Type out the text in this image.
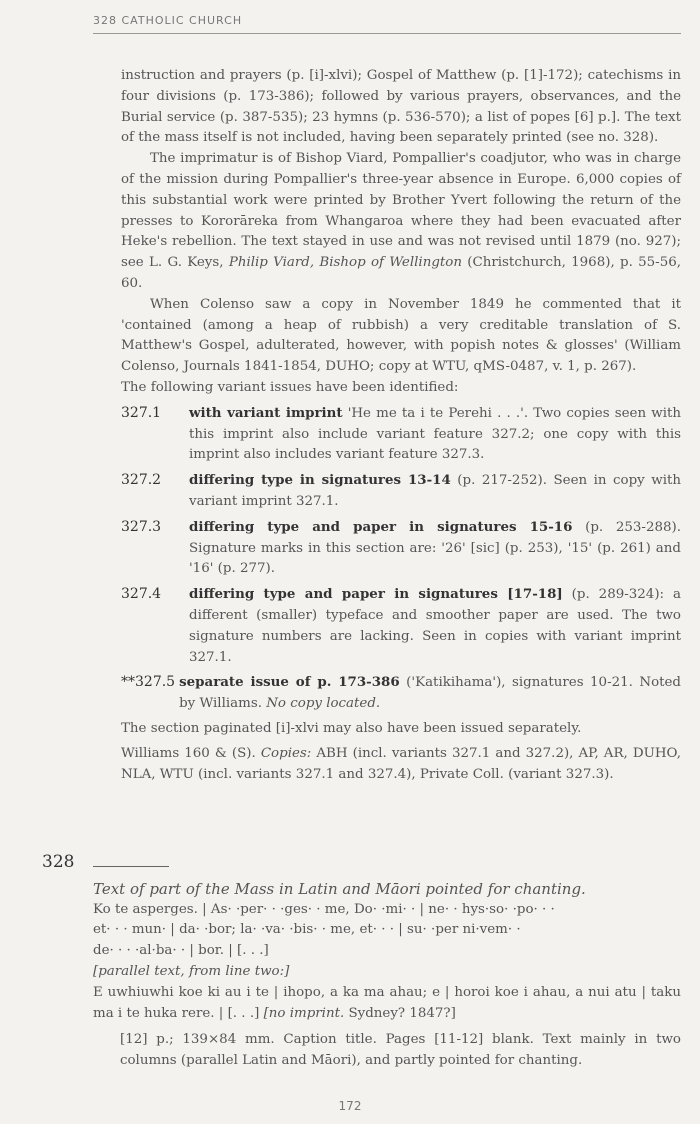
328 CATHOLIC CHURCH

instruction and prayers (p. [i]-xlvi); Gospel of Matthew (p. [1]-172); catechisms in four divisions (p. 173-386); followed by various prayers, observances, and the Burial service (p. 387-535); 23 hymns (p. 536-570); a list of popes [6] p.]. The text of the mass itself is not included, having been separately printed (see no. 328).

The imprimatur is of Bishop Viard, Pompallier's coadjutor, who was in charge of the mission during Pompallier's three-year absence in Europe. 6,000 copies of this substantial work were printed by Brother Yvert following the return of the presses to Kororāreka from Whangaroa where they had been evacuated after Heke's rebellion. The text stayed in use and was not revised until 1879 (no. 927); see L. G. Keys, Philip Viard, Bishop of Wellington (Christchurch, 1968), p. 55-56, 60.

When Colenso saw a copy in November 1849 he commented that it 'contained (among a heap of rubbish) a very creditable translation of S. Matthew's Gospel, adulterated, however, with popish notes & glosses' (William Colenso, Journals 1841-1854, DUHO; copy at WTU, qMS-0487, v. 1, p. 267).

The following variant issues have been identified:

327.1	with variant imprint 'He me ta i te Perehi . . .'. Two copies seen with this imprint also include variant feature 327.2; one copy with this imprint also includes variant feature 327.3.
327.2	differing type in signatures 13-14 (p. 217-252). Seen in copy with variant imprint 327.1.
327.3	differing type and paper in signatures 15-16 (p. 253-288). Signature marks in this section are: '26' [sic] (p. 253), '15' (p. 261) and '16' (p. 277).
327.4	differing type and paper in signatures [17-18] (p. 289-324): a different (smaller) typeface and smoother paper are used. The two signature numbers are lacking. Seen in copies with variant imprint 327.1.
**327.5 separate issue of p. 173-386 ('Katikihama'), signatures 10-21. Noted by Williams. No copy located.

The section paginated [i]-xlvi may also have been issued separately.

Williams 160 & (S). Copies: ABH (incl. variants 327.1 and 327.2), AP, AR, DUHO, NLA, WTU (incl. variants 327.1 and 327.4), Private Coll. (variant 327.3).

328

Text of part of the Mass in Latin and Māori pointed for chanting.

Ko te asperges. | As· ·per· · ·ges· · me, Do· ·mi· · | ne· · hys·so· ·po· · ·

et· · · mun· | da· ·bor; la· ·va· ·bis· · me, et· · · | su· ·per ni·vem· ·

de· · · ·al·ba· · | bor. | [. . .]

[parallel text, from line two:]

E uwhiuwhi koe ki au i te | ihopo, a ka ma ahau; e | horoi koe i ahau, a nui atu | taku ma i te huka rere. | [. . .] [no imprint. Sydney? 1847?]

[12] p.; 139×84 mm. Caption title. Pages [11-12] blank. Text mainly in two columns (parallel Latin and Māori), and partly pointed for chanting.

172
